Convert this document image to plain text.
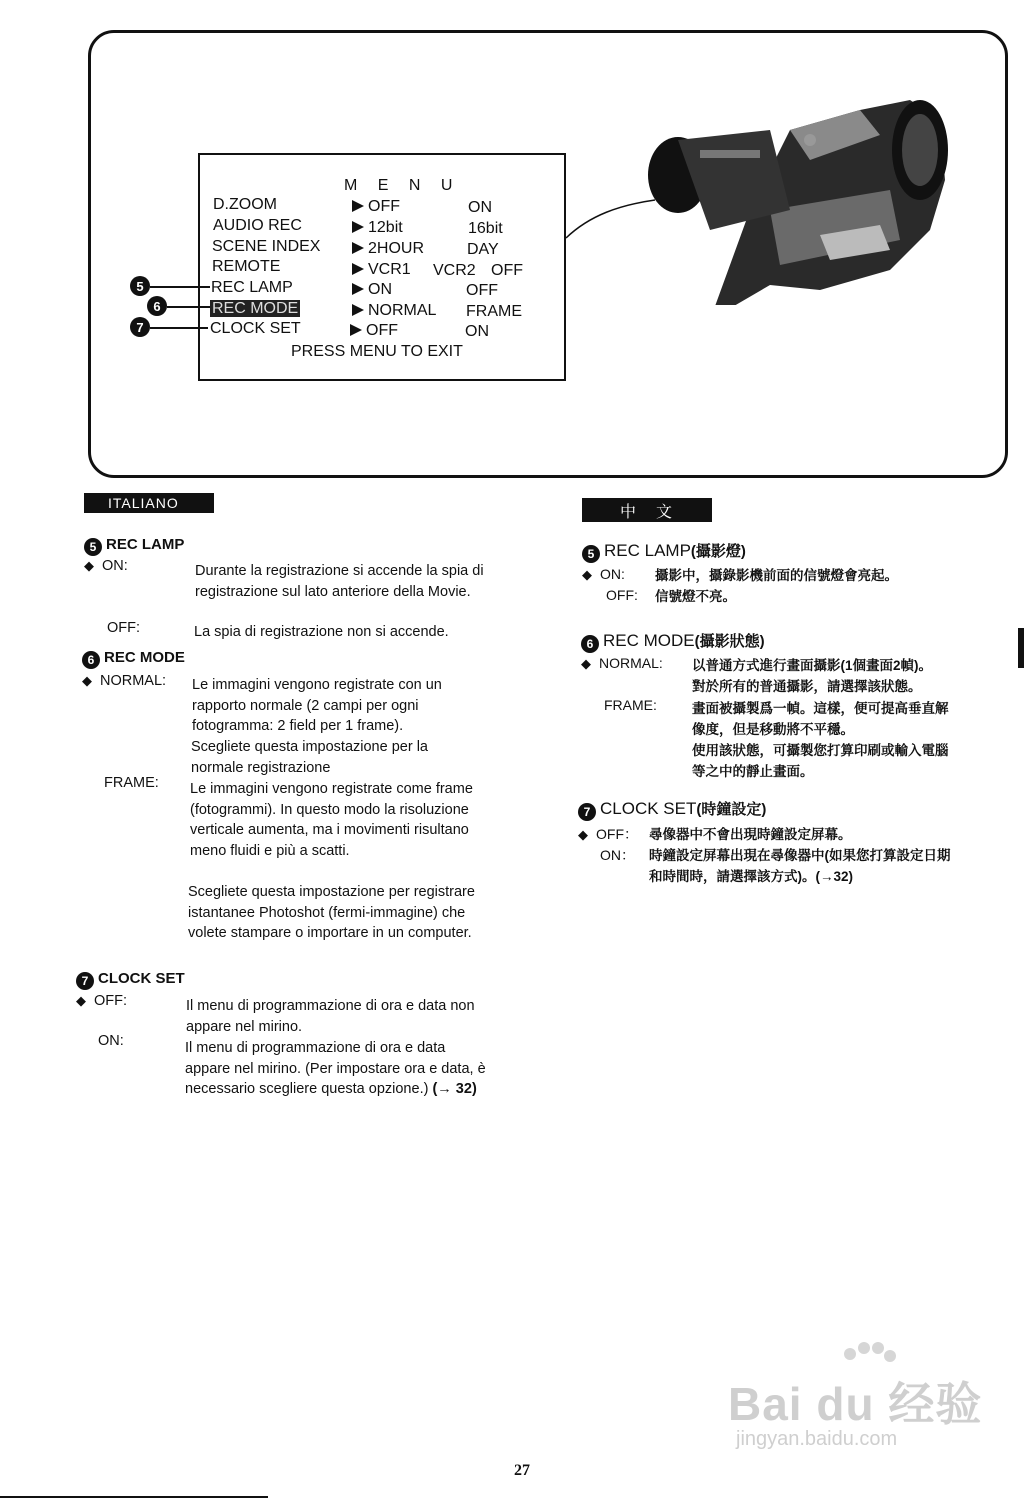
M E N U
D.ZOOM	OFF	ON
AUDIO REC	12bit	16bit
SCENE INDEX	2HOUR	DAY
REMOTE	VCR1 VCR2 OFF
REC LAMP	ON	OFF
REC MODE	NORMAL FRAME
CLOCK SET	OFF	ON
PRESS MENU TO EXIT
5
6
7
ITALIANO
5 REC LAMP
◆ ON:	Durante la registrazione si accende la spia di registrazione sul lato anteriore della Movie.
OFF:	La spia di registrazione non si accende.
6 REC MODE
◆ NORMAL: Le immagini vengono registrate con un rapporto normale (2 campi per ogni fotogramma: 2 field per 1 frame).
Scegliete questa impostazione per la normale registrazione
FRAME: Le immagini vengono registrate come frame (fotogrammi). In questo modo la risoluzione verticale aumenta, ma i movimenti risultano meno fluidi e più a scatti.
Scegliete questa impostazione per registrare istantanee Photoshot (fermi-immagine) che volete stampare o importare in un computer.
7 CLOCK SET
◆ OFF:	Il menu di programmazione di ora e data non appare nel mirino.
ON:	Il menu di programmazione di ora e data appare nel mirino. (Per impostare ora e data, è necessario scegliere questa opzione.) (→ 32)
中　文
5 REC LAMP(攝影燈)
◆ ON: 攝影中，攝錄影機前面的信號燈會亮起。
OFF: 信號燈不亮。
6 REC MODE(攝影狀態)
◆ NORMAL: 以普通方式進行畫面攝影(1個畫面2幀)。
對於所有的普通攝影，請選擇該狀態。
FRAME:	畫面被攝製爲一幀。這樣，便可提高垂直解
像度，但是移動將不平穩。
使用該狀態，可攝製您打算印刷或輸入電腦
等之中的靜止畫面。
7 CLOCK SET(時鐘設定)
◆ OFF： 尋像器中不會出現時鐘設定屏幕。
ON： 時鐘設定屏幕出現在尋像器中(如果您打算設定日期
和時間時，請選擇該方式)。(→32)
Bai du 经验
jingyan.baidu.com
27
